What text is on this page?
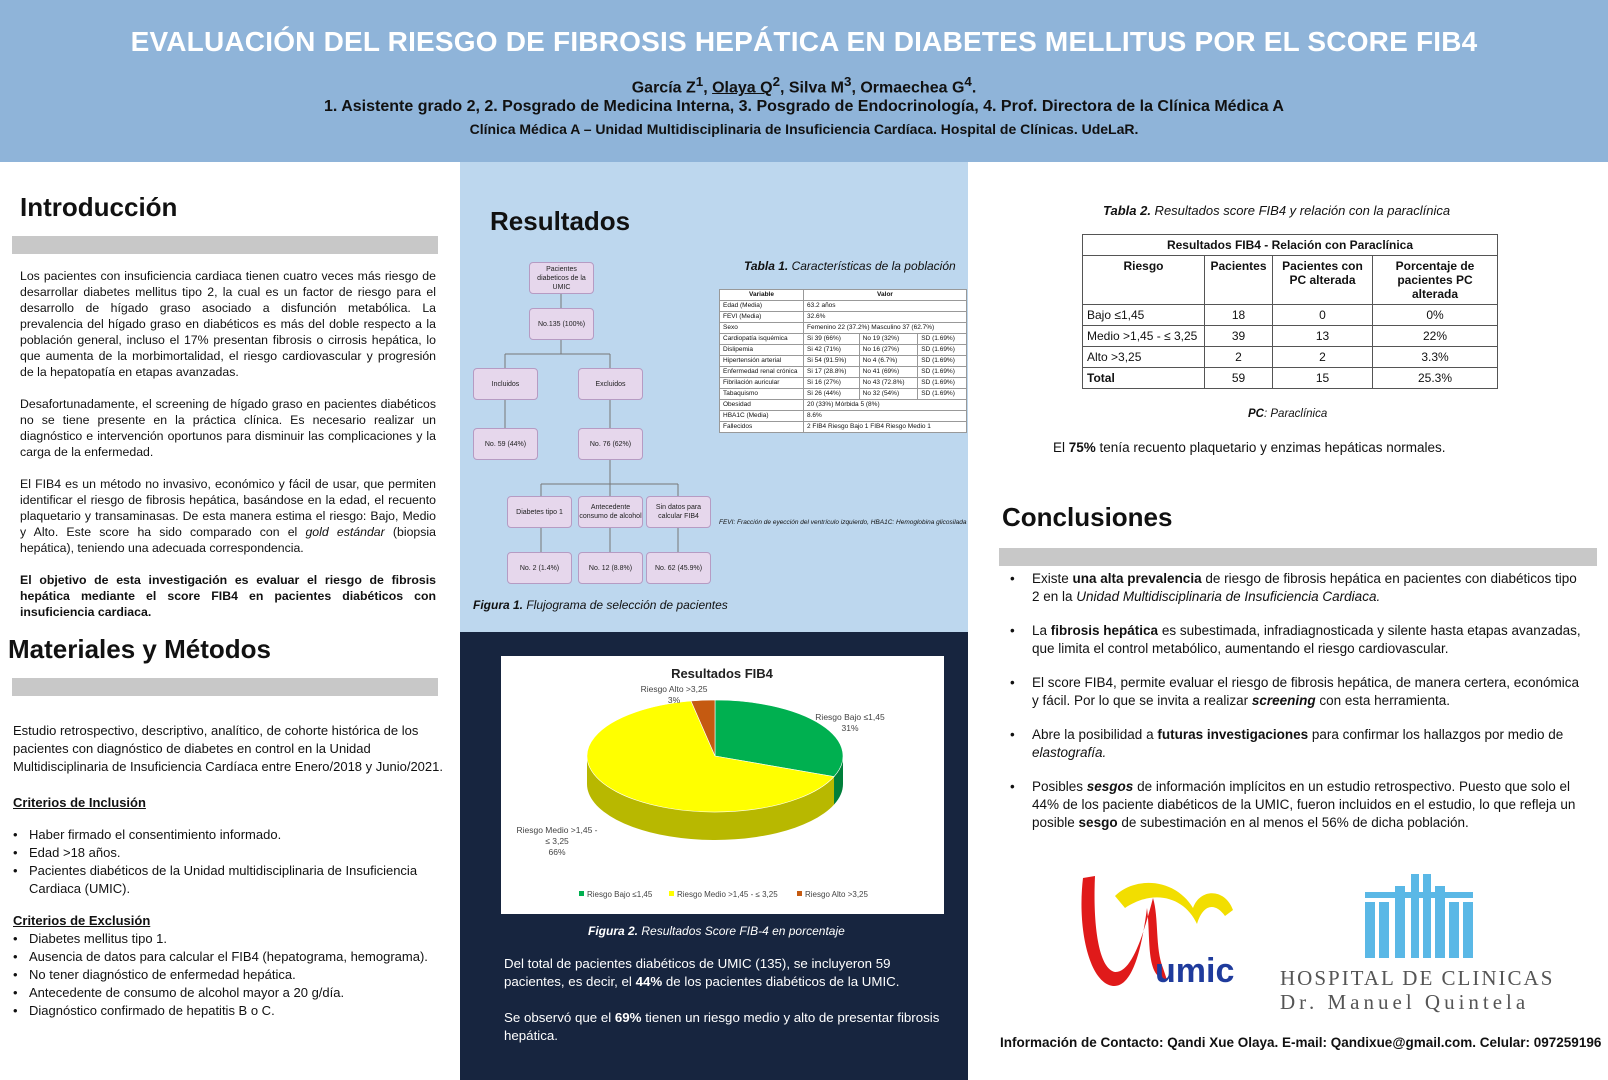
EVALUACIÓN DEL RIESGO DE FIBROSIS HEPÁTICA EN DIABETES MELLITUS POR EL SCORE FIB4
García $Z^1$, Olaya $Q^2$, Silva $M^3$, Ormaechea $G^4$.
1. Asistente grado 2, 2. Posgrado de Medicina Interna, 3. Posgrado de Endocrinología, 4. Prof. Directora de la Clínica Médica A
Clínica Médica A – Unidad Multidisciplinaria de Insuficiencia Cardíaca. Hospital de Clínicas. UdeLaR.
Introducción

Los pacientes con insuficiencia cardiaca tienen cuatro veces más riesgo de desarrollar diabetes mellitus tipo 2, la cual es un factor de riesgo para el desarrollo de hígado graso asociado a disfunción metabólica. La prevalencia del hígado graso en diabéticos es más del doble respecto a la población general, incluso el 17% presentan fibrosis o cirrosis hepática, lo que aumenta de la morbimortalidad, el riesgo cardiovascular y progresión de la hepatopatía en etapas avanzadas.

Desafortunadamente, el screening de hígado graso en pacientes diabéticos no se tiene presente en la práctica clínica. Es necesario realizar un diagnóstico e intervención oportunos para disminuir las complicaciones y la carga de la enfermedad.

El FIB4 es un método no invasivo, económico y fácil de usar, que permiten identificar el riesgo de fibrosis hepática, basándose en la edad, el recuento plaquetario y transaminasas. De esta manera estima el riesgo: Bajo, Medio y Alto. Este score ha sido comparado con el gold estándar (biopsia hepática), teniendo una adecuada correspondencia.

El objetivo de esta investigación es evaluar el riesgo de fibrosis hepática mediante el score FIB4 en pacientes diabéticos con insuficiencia cardiaca.

Materiales y Métodos
Estudio retrospectivo, descriptivo, analítico, de cohorte histórica de los pacientes con diagnóstico de diabetes en control en la Unidad Multidisciplinaria de Insuficiencia Cardíaca entre Enero/2018 y Junio/2021.
Criterios de Inclusión
• Haber firmado el consentimiento informado.
• Edad >18 años.
• Pacientes diabéticos de la Unidad multidisciplinaria de Insuficiencia Cardiaca (UMIC).
Criterios de Exclusión
• Diabetes mellitus tipo 1.
• Ausencia de datos para calcular el FIB4 (hepatograma, hemograma).
• No tener diagnóstico de enfermedad hepática.
• Antecedente de consumo de alcohol mayor a 20 g/día.
• Diagnóstico confirmado de hepatitis B o C.
Resultados
Pacientes diabeticos de la UMIC
No.135 (100%)
Incluidos	Excluidos
No. 59 (44%)	No. 76 (62%)
Diabetes tipo 1
Antecedente consumo de alcohol
Sin datos para calcular FIB4
No. 2 (1.4%)	No. 12 (8.8%)	No. 62 (45.9%)
Figura 1. Flujograma de selección de pacientes
Tabla 1. Características de la población
Variable	Valor		
Edad (Media)	63.2 años		
FEVI (Media)	32.6%		
Sexo	Femenino 22 (37.2%) Masculino 37 (62.7%)		
Cardiopatía isquémica	Si 39 (66%)	No 19 (32%)	SD (1.69%)
Dislipemia	Si 42 (71%)	No 16 (27%)	SD (1.69%)
Hipertensión arterial	Si 54 (91.5%)	No 4 (6.7%)	SD (1.69%)
Enfermedad renal crónica	Si 17 (28.8%)	No 41 (69%)	SD (1.69%)
Fibrilación auricular	Si 16 (27%)	No 43 (72.8%)	SD (1.69%)
Tabaquismo	Si 26 (44%)	No 32 (54%)	SD (1.69%)
Obesidad	20 (33%) Mórbida 5 (8%)		
HBA1C (Media)	8.6%		
Fallecidos	2 FIB4 Riesgo Bajo 1 FIB4 Riesgo Medio 1		
FEVI: Fracción de eyección del ventrículo izquierdo, HBA1C: Hemoglobina glicosilada
Resultados FIB4
Riesgo Bajo ≤1,45
31%
Riesgo Medio >1,45 -
≤ 3,25
66%
Riesgo Alto >3,25
3%
Riesgo Bajo ≤1,45	Riesgo Medio >1,45 - ≤ 3,25	Riesgo Alto >3,25
Figura 2. Resultados Score FIB-4 en porcentaje

Del total de pacientes diabéticos de UMIC (135), se incluyeron 59 pacientes, es decir, el 44% de los pacientes diabéticos de la UMIC.

Se observó que el 69% tienen un riesgo medio y alto de presentar fibrosis hepática.

Tabla 2. Resultados score FIB4 y relación con la paraclínica
Resultados FIB4 - Relación con Paraclínica			
Riesgo	Pacientes	Pacientes con PC alterada	Porcentaje de pacientes PC alterada
Bajo ≤1,45	18	0	0%
Medio >1,45 - ≤ 3,25	39	13	22%
Alto >3,25	2	2	3.3%
Total	59	15	25.3%
PC: Paraclínica
El 75% tenía recuento plaquetario y enzimas hepáticas normales.
Conclusiones
• Existe una alta prevalencia de riesgo de fibrosis hepática en pacientes con diabéticos tipo 2 en la Unidad Multidisciplinaria de Insuficiencia Cardiaca.
• La fibrosis hepática es subestimada, infradiagnosticada y silente hasta etapas avanzadas, que limita el control metabólico, aumentando el riesgo cardiovascular.
• El score FIB4, permite evaluar el riesgo de fibrosis hepática, de manera certera, económica y fácil. Por lo que se invita a realizar screening con esta herramienta.
• Abre la posibilidad a futuras investigaciones para confirmar los hallazgos por medio de elastografía.
• Posibles sesgos de información implícitos en un estudio retrospectivo. Puesto que solo el 44% de los paciente diabéticos de la UMIC, fueron incluidos en el estudio, lo que refleja un posible sesgo de subestimación en al menos el 56% de dicha población.
umic HOSPITAL DE CLINICAS
Dr. Manuel Quintela
Información de Contacto: Qandi Xue Olaya. E-mail: Qandixue@gmail.com. Celular: 097259196
